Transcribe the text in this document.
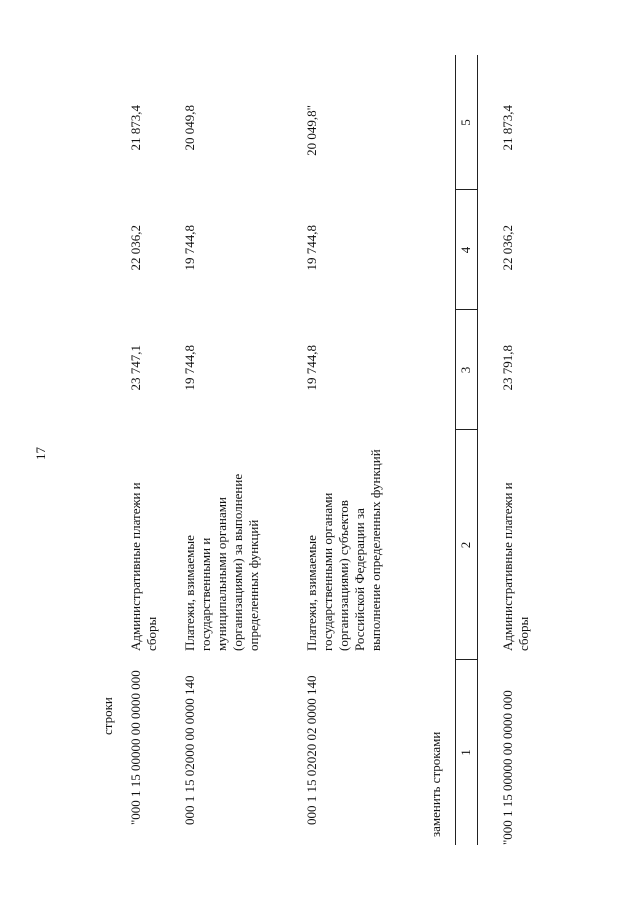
17
строки "000 1 15 00000 00 0000 000
Административные платежи и сборы
23 747,1
22 036,2
21 873,4
000 1 15 02000 00 0000 140
Платежи, взимаемые государственными и муниципальными органами (организациями) за выполнение определенных функций
19 744,8
19 744,8
20 049,8
000 1 15 02020 02 0000 140
Платежи, взимаемые государственными органами (организациями) субъектов Российской Федерации за выполнение определенных функций
19 744,8
19 744,8
20 049,8"
заменить строками 1
2
3
4
5
"000 1 15 00000 00 0000 000
Административные платежи и сборы
23 791,8
22 036,2
21 873,4
